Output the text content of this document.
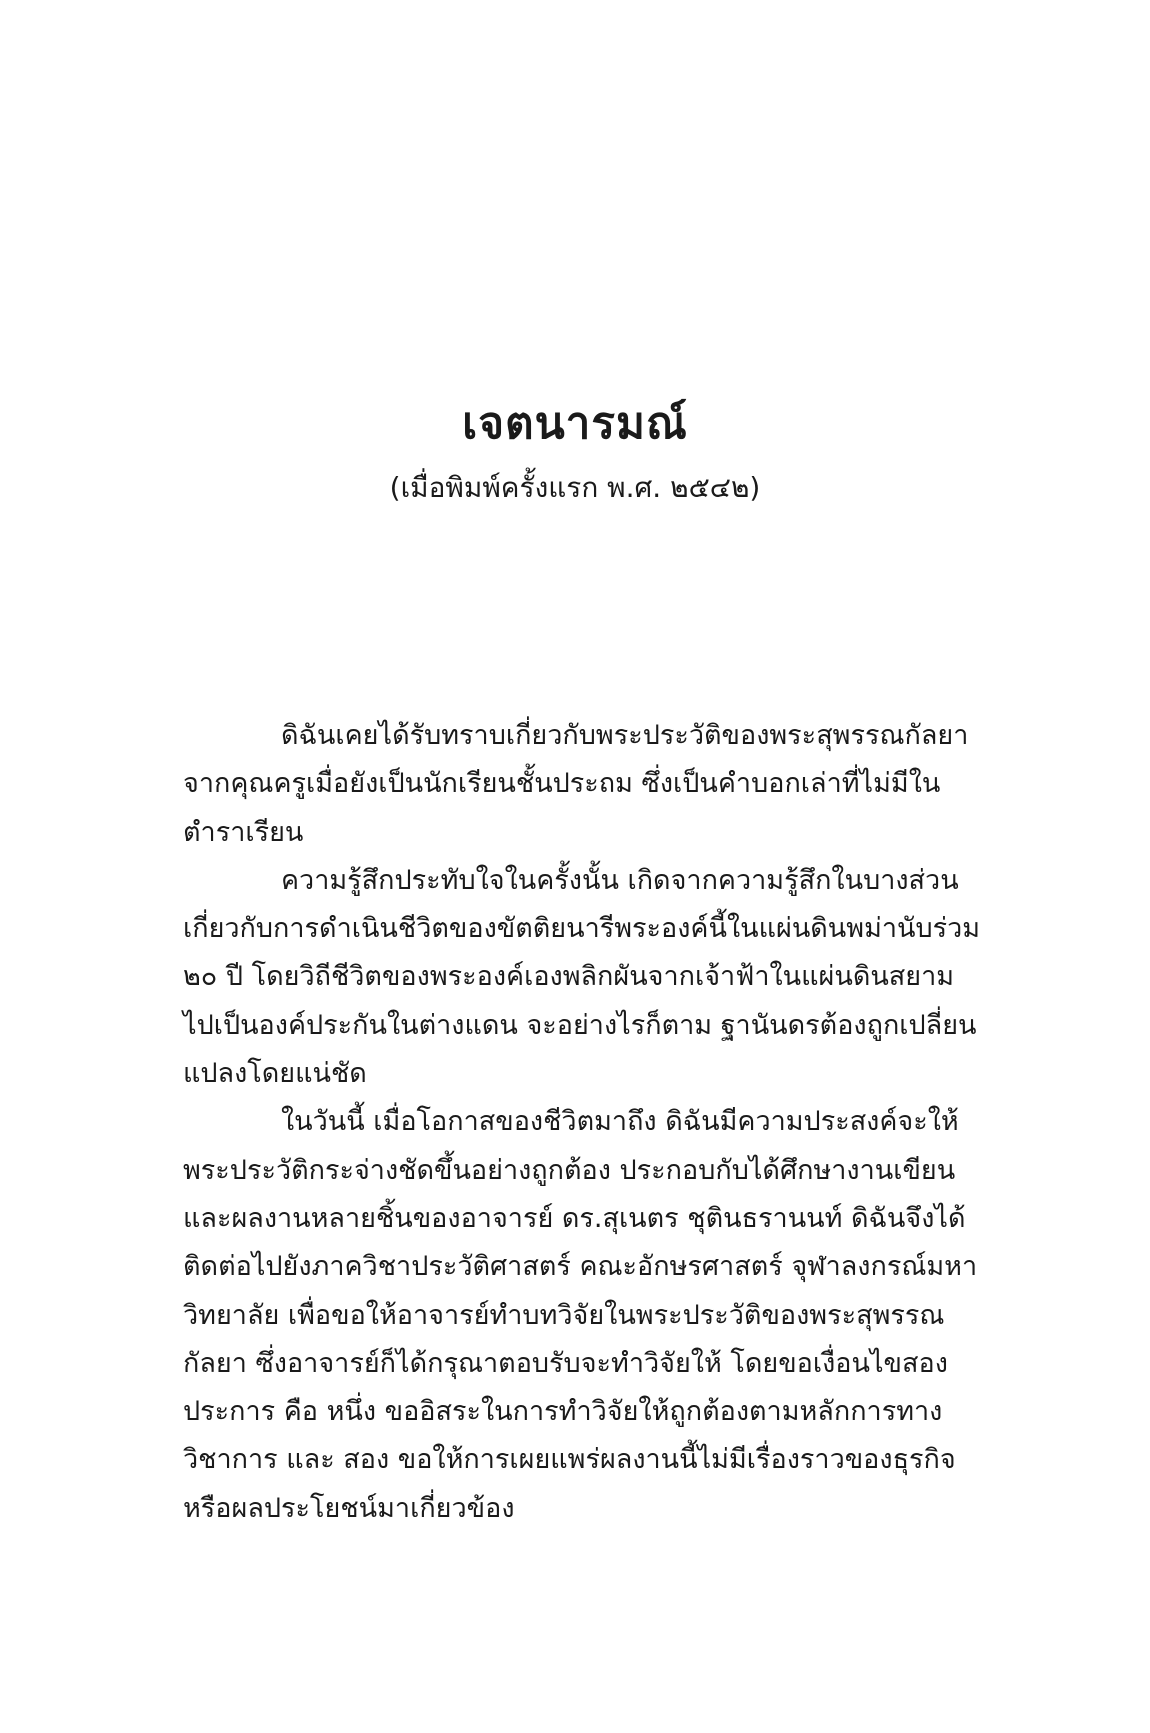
เจตนารมณ์

(เมื่อพิมพ์ครั้งแรก พ.ศ. ๒๕๔๒)

ดิฉันเคยได้รับทราบเกี่ยวกับพระประวัติของพระสุพรรณกัลยา
จากคุณครูเมื่อยังเป็นนักเรียนชั้นประถม ซึ่งเป็นคำบอกเล่าที่ไม่มีใน
ตำราเรียน
ความรู้สึกประทับใจในครั้งนั้น เกิดจากความรู้สึกในบางส่วน
เกี่ยวกับการดำเนินชีวิตของขัตติยนารีพระองค์นี้ในแผ่นดินพม่านับร่วม
๒๐ ปี โดยวิถีชีวิตของพระองค์เองพลิกผันจากเจ้าฟ้าในแผ่นดินสยาม
ไปเป็นองค์ประกันในต่างแดน จะอย่างไรก็ตาม ฐานันดรต้องถูกเปลี่ยน
แปลงโดยแน่ชัด
ในวันนี้ เมื่อโอกาสของชีวิตมาถึง ดิฉันมีความประสงค์จะให้
พระประวัติกระจ่างชัดขึ้นอย่างถูกต้อง ประกอบกับได้ศึกษางานเขียน
และผลงานหลายชิ้นของอาจารย์ ดร.สุเนตร ชุตินธรานนท์ ดิฉันจึงได้
ติดต่อไปยังภาควิชาประวัติศาสตร์ คณะอักษรศาสตร์ จุฬาลงกรณ์มหา
วิทยาลัย เพื่อขอให้อาจารย์ทำบทวิจัยในพระประวัติของพระสุพรรณ
กัลยา ซึ่งอาจารย์ก็ได้กรุณาตอบรับจะทำวิจัยให้ โดยขอเงื่อนไขสอง
ประการ คือ หนึ่ง ขออิสระในการทำวิจัยให้ถูกต้องตามหลักการทาง
วิชาการ และ สอง ขอให้การเผยแพร่ผลงานนี้ไม่มีเรื่องราวของธุรกิจ
หรือผลประโยชน์มาเกี่ยวข้อง
